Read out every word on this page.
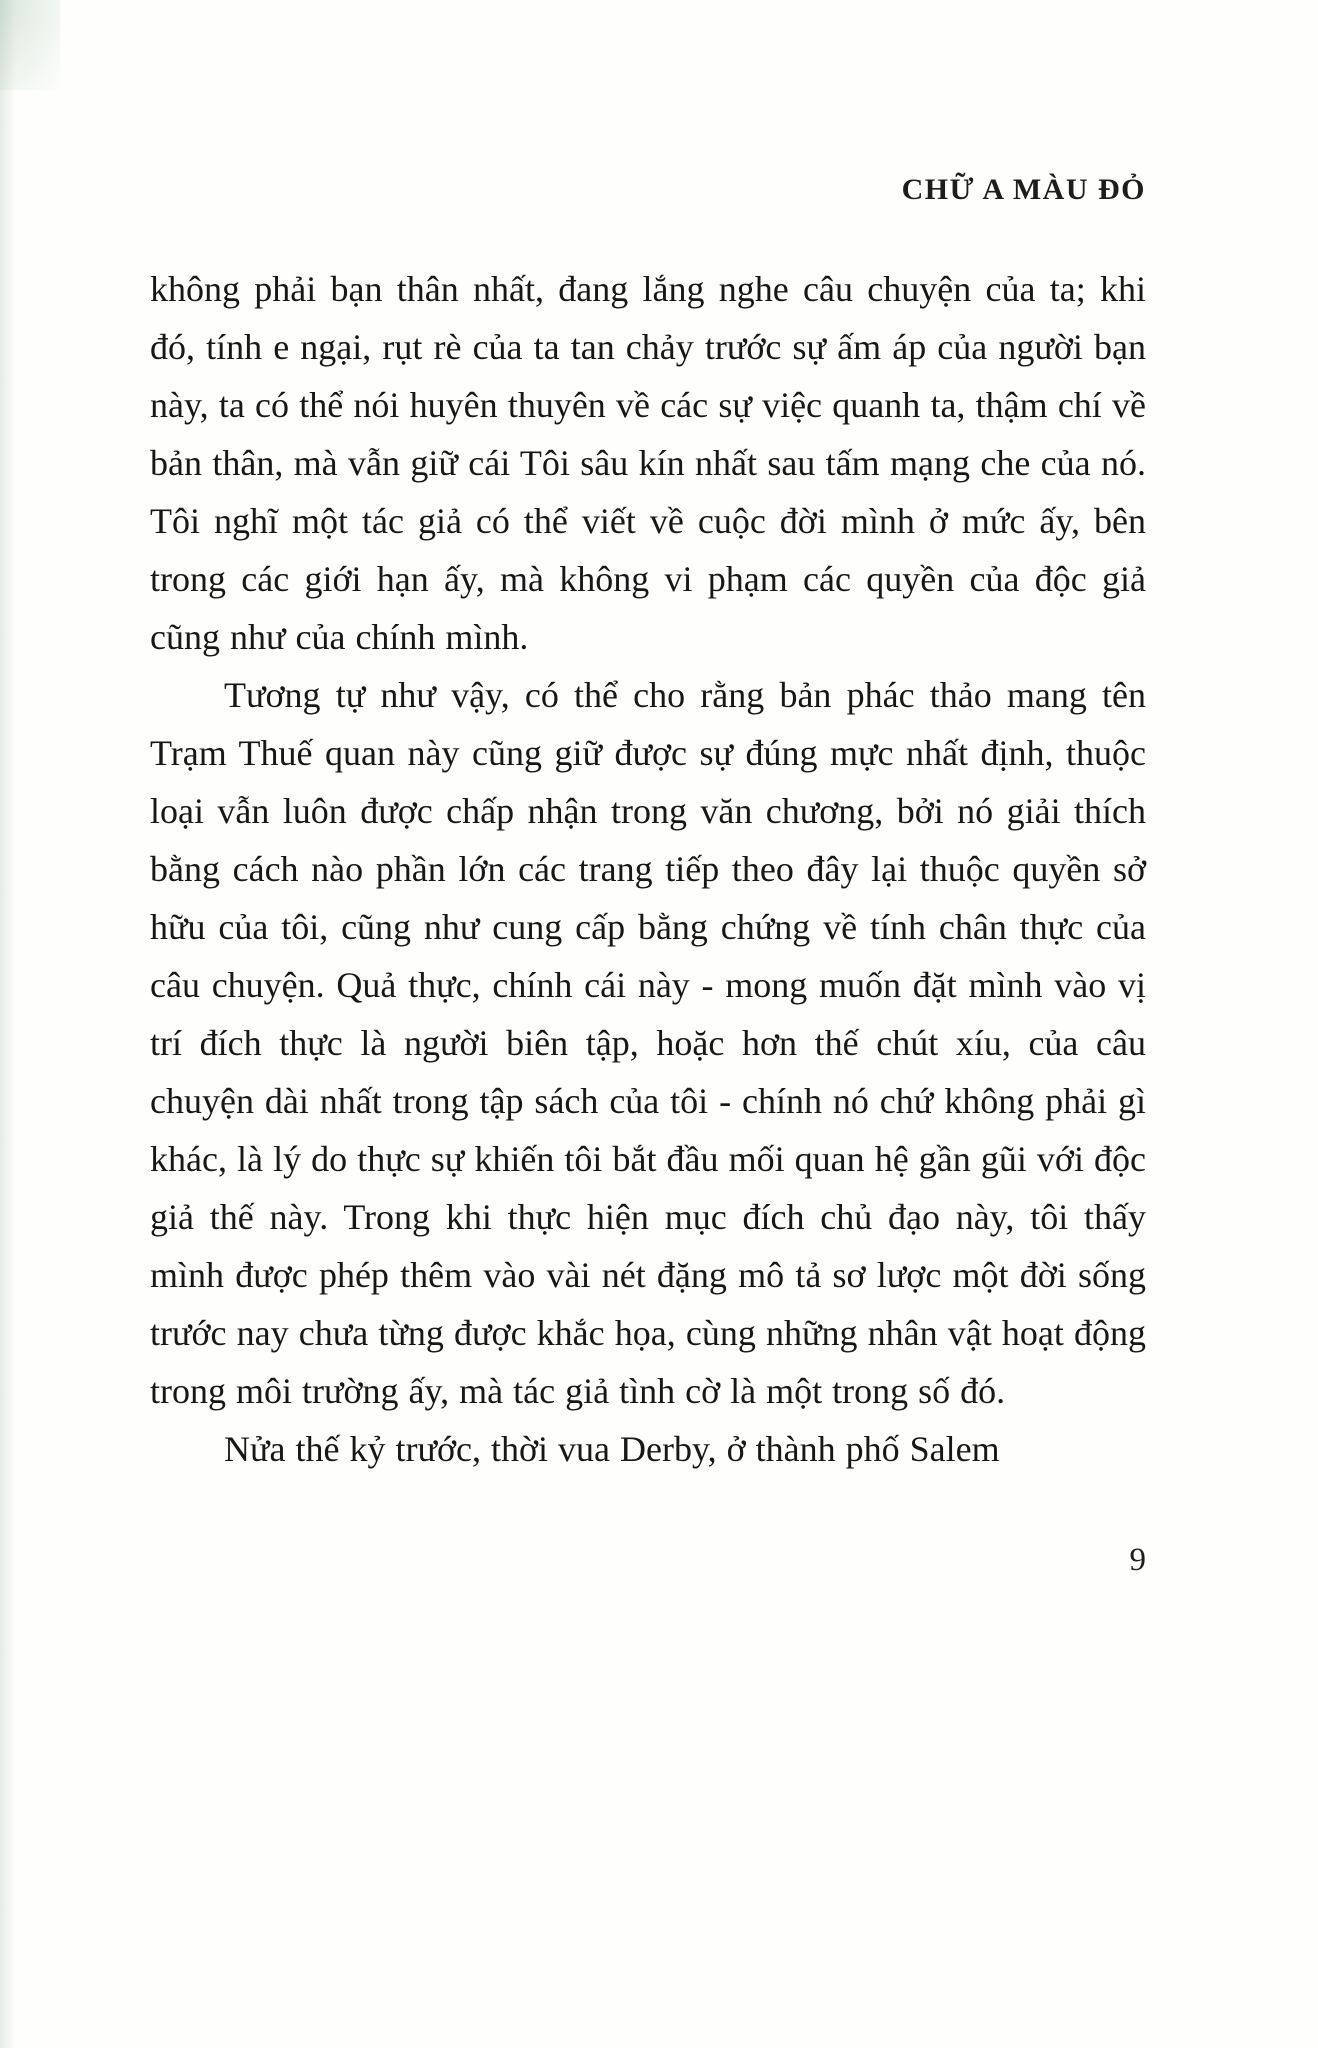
CHỮ A MÀU ĐỎ

không phải bạn thân nhất, đang lắng nghe câu chuyện của ta; khi đó, tính e ngại, rụt rè của ta tan chảy trước sự ấm áp của người bạn này, ta có thể nói huyên thuyên về các sự việc quanh ta, thậm chí về bản thân, mà vẫn giữ cái Tôi sâu kín nhất sau tấm mạng che của nó. Tôi nghĩ một tác giả có thể viết về cuộc đời mình ở mức ấy, bên trong các giới hạn ấy, mà không vi phạm các quyền của độc giả cũng như của chính mình.

Tương tự như vậy, có thể cho rằng bản phác thảo mang tên Trạm Thuế quan này cũng giữ được sự đúng mực nhất định, thuộc loại vẫn luôn được chấp nhận trong văn chương, bởi nó giải thích bằng cách nào phần lớn các trang tiếp theo đây lại thuộc quyền sở hữu của tôi, cũng như cung cấp bằng chứng về tính chân thực của câu chuyện. Quả thực, chính cái này - mong muốn đặt mình vào vị trí đích thực là người biên tập, hoặc hơn thế chút xíu, của câu chuyện dài nhất trong tập sách của tôi - chính nó chứ không phải gì khác, là lý do thực sự khiến tôi bắt đầu mối quan hệ gần gũi với độc giả thế này. Trong khi thực hiện mục đích chủ đạo này, tôi thấy mình được phép thêm vào vài nét đặng mô tả sơ lược một đời sống trước nay chưa từng được khắc họa, cùng những nhân vật hoạt động trong môi trường ấy, mà tác giả tình cờ là một trong số đó.

Nửa thế kỷ trước, thời vua Derby, ở thành phố Salem

9
